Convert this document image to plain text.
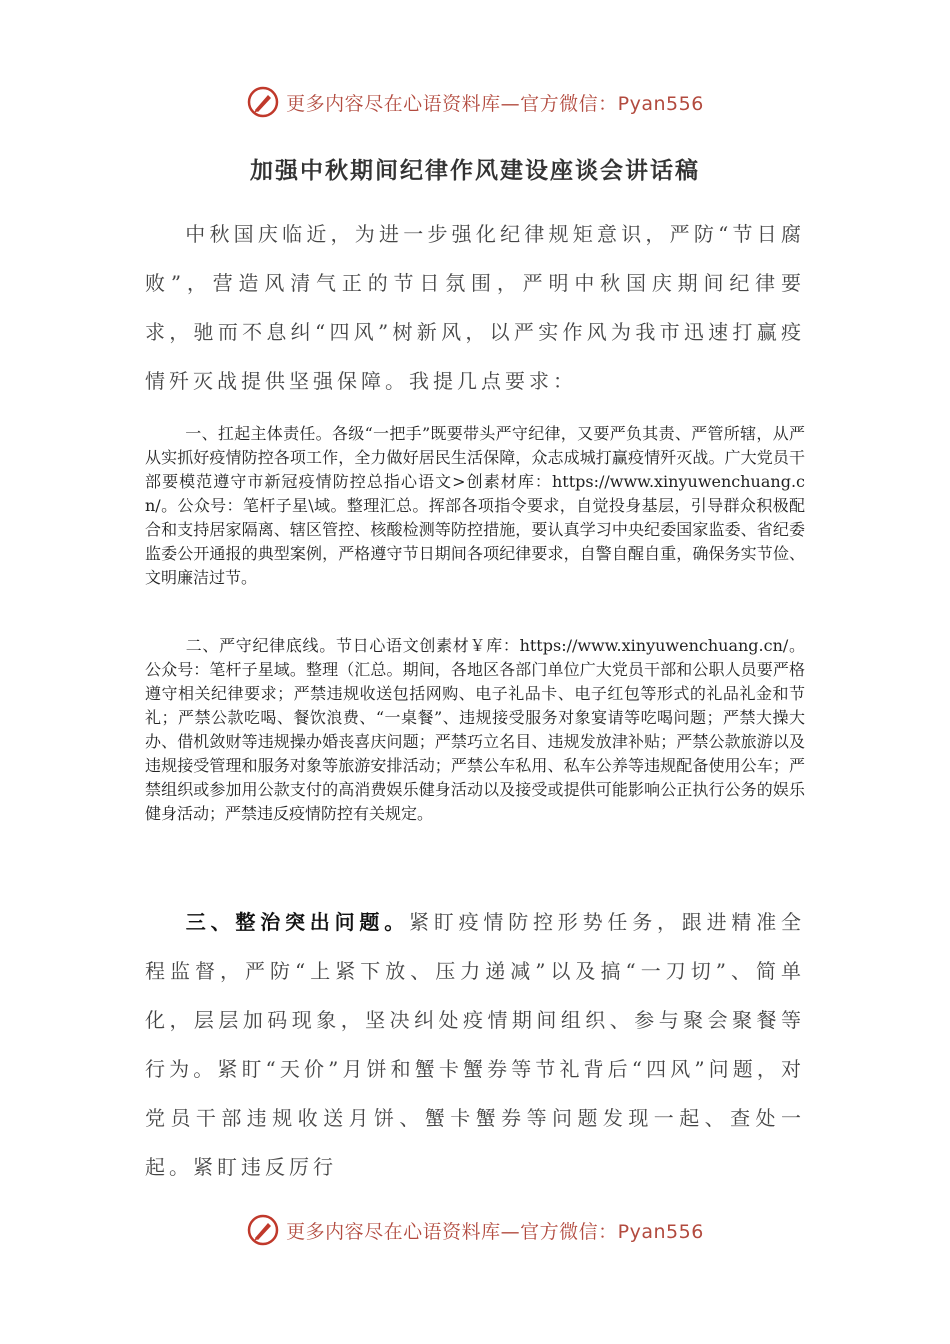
更多内容尽在心语资料库—官方微信：Pyan556
加强中秋期间纪律作风建设座谈会讲话稿
中秋国庆临近，为进一步强化纪律规矩意识，严防“节日腐败”，营造风清气正的节日氛围，严明中秋国庆期间纪律要求，驰而不息纠“四风”树新风，以严实作风为我市迅速打赢疫情歼灭战提供坚强保障。我提几点要求：
一、扛起主体责任。各级“一把手”既要带头严守纪律，又要严负其责、严管所辖，从严从实抓好疫情防控各项工作，全力做好居民生活保障，众志成城打赢疫情歼灭战。广大党员干部要模范遵守市新冠疫情防控总指心语文>创素材库：https://www.xinyuwenchuang.cn/。公众号：笔杆子星\域。整理汇总。挥部各项指令要求，自觉投身基层，引导群众积极配合和支持居家隔离、辖区管控、核酸检测等防控措施，要认真学习中央纪委国家监委、省纪委监委公开通报的典型案例，严格遵守节日期间各项纪律要求，自警自醒自重，确保务实节俭、文明廉洁过节。
二、严守纪律底线。节日心语文创素材￥库：https://www.xinyuwenchuang.cn/。公众号：笔杆子星域。整理（汇总。期间，各地区各部门单位广大党员干部和公职人员要严格遵守相关纪律要求；严禁违规收送包括网购、电子礼品卡、电子红包等形式的礼品礼金和节礼；严禁公款吃喝、餐饮浪费、“一桌餐”、违规接受服务对象宴请等吃喝问题；严禁大操大办、借机敛财等违规操办婚丧喜庆问题；严禁巧立名目、违规发放津补贴；严禁公款旅游以及违规接受管理和服务对象等旅游安排活动；严禁公车私用、私车公养等违规配备使用公车；严禁组织或参加用公款支付的高消费娱乐健身活动以及接受或提供可能影响公正执行公务的娱乐健身活动；严禁违反疫情防控有关规定。
三、整治突出问题。紧盯疫情防控形势任务，跟进精准全程监督，严防“上紧下放、压力递减”以及搞“一刀切”、简单化，层层加码现象，坚决纠处疫情期间组织、参与聚会聚餐等行为。紧盯“天价”月饼和蟹卡蟹券等节礼背后“四风”问题，对党员干部违规收送月饼、蟹卡蟹券等问题发现一起、查处一起。紧盯违反厉行
更多内容尽在心语资料库—官方微信：Pyan556
